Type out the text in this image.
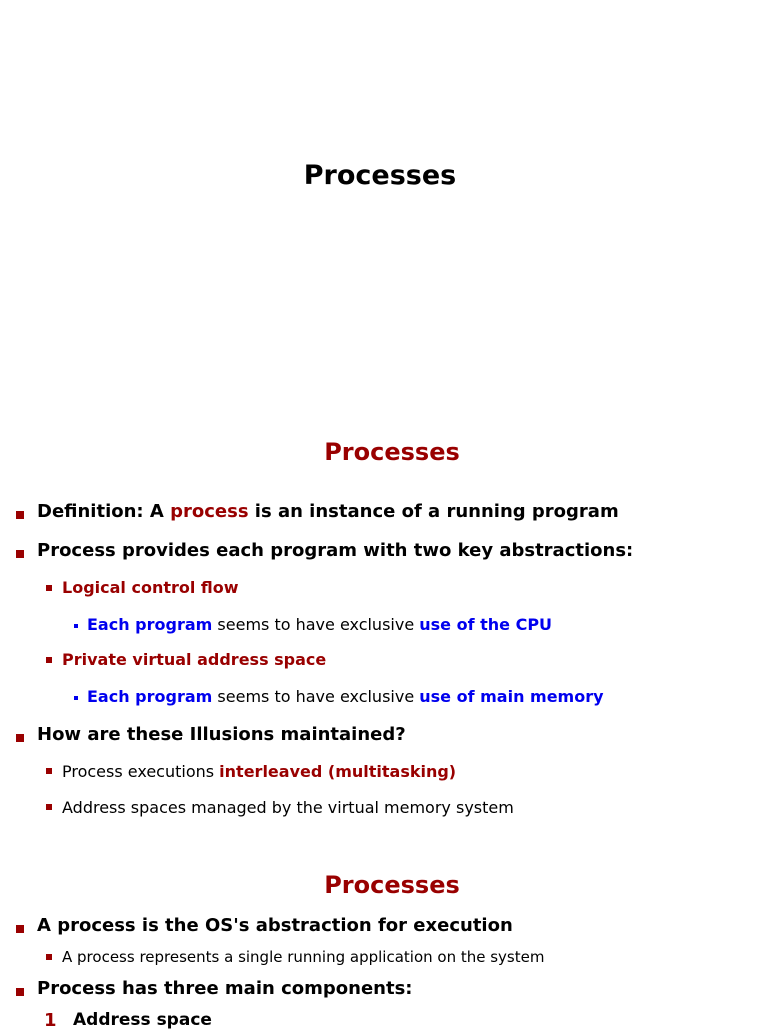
Processes
Processes
Definition: A process is an instance of a running program
Process provides each program with two key abstractions:
Logical control flow
Each program seems to have exclusive use of the CPU
Private virtual address space
Each program seems to have exclusive use of main memory
How are these Illusions maintained?
Process executions interleaved (multitasking)
Address spaces managed by the virtual memory system
Processes
A process is the OS's abstraction for execution
A process represents a single running application on the system
Process has three main components:
1 Address space
